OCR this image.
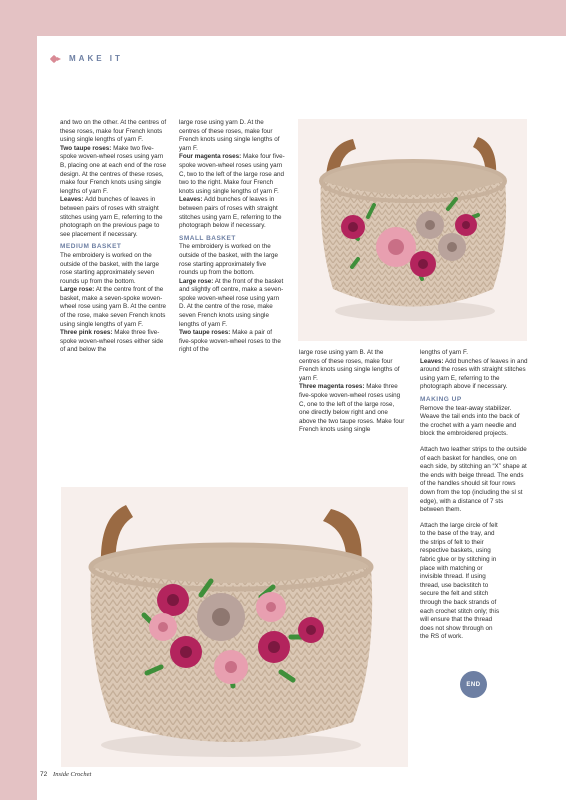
MAKE IT

and two on the other. At the centres of these roses, make four French knots using single lengths of yarn F.

Two taupe roses: Make two five-spoke woven-wheel roses using yarn B, placing one at each end of the rose design. At the centres of these roses, make four French knots using single lengths of yarn F.

Leaves: Add bunches of leaves in between pairs of roses with straight stitches using yarn E, referring to the photograph on the previous page to see placement if necessary.

MEDIUM BASKET

The embroidery is worked on the outside of the basket, with the large rose starting approximately seven rounds up from the bottom.

Large rose: At the centre front of the basket, make a seven-spoke woven-wheel rose using yarn B. At the centre of the rose, make seven French knots using single lengths of yarn F.

Three pink roses: Make three five-spoke woven-wheel roses either side of and below the

large rose using yarn D. At the centres of these roses, make four French knots using single lengths of yarn F.

Four magenta roses: Make four five-spoke woven-wheel roses using yarn C, two to the left of the large rose and two to the right. Make four French knots using single lengths of yarn F.

Leaves: Add bunches of leaves in between pairs of roses with straight stitches using yarn E, referring to the photograph below if necessary.

SMALL BASKET

The embroidery is worked on the outside of the basket, with the large rose starting approximately five rounds up from the bottom.

Large rose: At the front of the basket and slightly off centre, make a seven-spoke woven-wheel rose using yarn D. At the centre of the rose, make seven French knots using single lengths of yarn F.

Two taupe roses: Make a pair of five-spoke woven-wheel roses to the right of the	large rose using yarn B. At the centres of these roses, make four French knots using single lengths of yarn F.

Three magenta roses: Make three five-spoke woven-wheel roses using C, one to the left of the large rose, one directly below right and one above the two taupe roses. Make four French knots using single

lengths of yarn F.

Leaves: Add bunches of leaves in and around the roses with straight stitches using yarn E, referring to the photograph above if necessary.

MAKING UP

Remove the tear-away stabilizer. Weave the tail ends into the back of the crochet with a yarn needle and block the embroidered projects.

Attach two leather strips to the outside of each basket for handles, one on each side, by stitching an “X” shape at the ends with beige thread. The ends of the handles should sit four rows down from the top (including the sl st edge), with a distance of 7 sts between them.

Attach the large circle of felt to the base of the tray, and the strips of felt to their respective baskets, using fabric glue or by stitching in place with matching or invisible thread. If using thread, use backstitch to secure the felt and stitch through the back strands of each crochet stitch only; this will ensure that the thread does not show through on the RS of work.

END
72 Inside Crochet
PassionForum.ru
